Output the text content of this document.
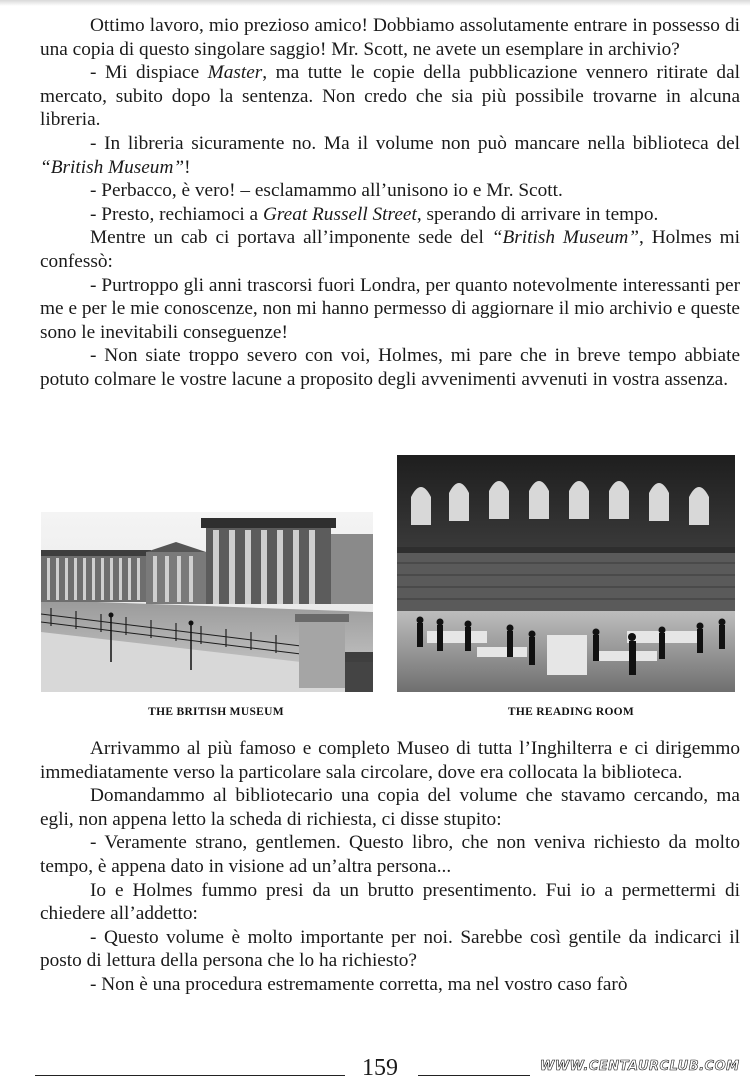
Ottimo lavoro, mio prezioso amico! Dobbiamo assolutamente entrare in possesso di una copia di questo singolare saggio! Mr. Scott, ne avete un esemplare in archivio?

- Mi dispiace Master, ma tutte le copie della pubblicazione vennero ritirate dal mercato, subito dopo la sentenza. Non credo che sia più possibile trovarne in alcuna libreria.

- In libreria sicuramente no. Ma il volume non può mancare nella biblioteca del “British Museum”!

- Perbacco, è vero! – esclamammo all’unisono io e Mr. Scott.

- Presto, rechiamoci a Great Russell Street, sperando di arrivare in tempo.

Mentre un cab ci portava all’imponente sede del “British Museum”, Holmes mi confessò:

- Purtroppo gli anni trascorsi fuori Londra, per quanto notevolmente interessanti per me e per le mie conoscenze, non mi hanno permesso di aggiornare il mio archivio e queste sono le inevitabili conseguenze!

- Non siate troppo severo con voi, Holmes, mi pare che in breve tempo abbiate potuto colmare le vostre lacune a proposito degli avvenimenti avvenuti in vostra assenza.

THE BRITISH MUSEUM	THE READING ROOM

Arrivammo al più famoso e completo Museo di tutta l’Inghilterra e ci dirigemmo immediatamente verso la particolare sala circolare, dove era collocata la biblioteca.

Domandammo al bibliotecario una copia del volume che stavamo cercando, ma egli, non appena letto la scheda di richiesta, ci disse stupito:

- Veramente strano, gentlemen. Questo libro, che non veniva richiesto da molto tempo, è appena dato in visione ad un’altra persona...

Io e Holmes fummo presi da un brutto presentimento. Fui io a permettermi di chiedere all’addetto:

- Questo volume è molto importante per noi. Sarebbe così gentile da indicarci il posto di lettura della persona che lo ha richiesto?

- Non è una procedura estremamente corretta, ma nel vostro caso farò

159	WWW.CENTAURCLUB.COM
